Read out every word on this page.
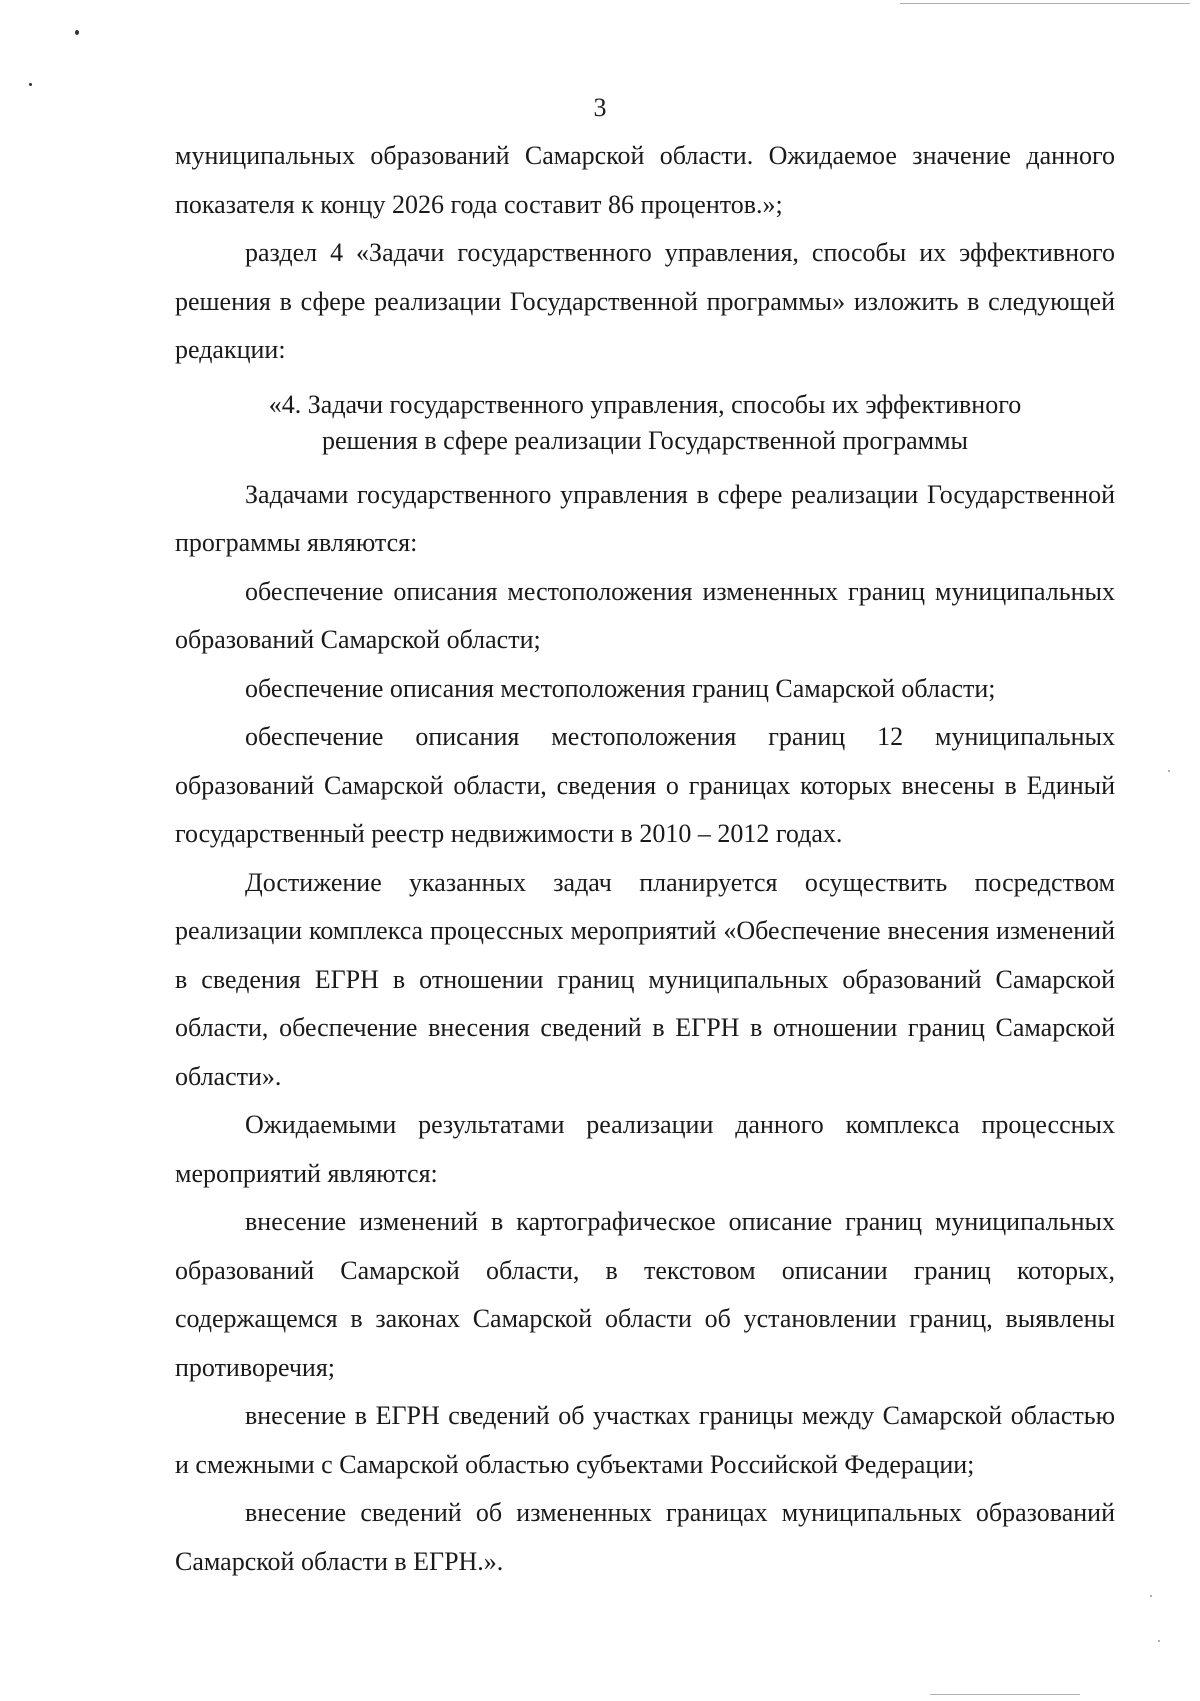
3

муниципальных образований Самарской области. Ожидаемое значение данного показателя к концу 2026 года составит 86 процентов.»;

раздел 4 «Задачи государственного управления, способы их эффективного решения в сфере реализации Государственной программы» изложить в следующей редакции:

«4. Задачи государственного управления, способы их эффективного
решения в сфере реализации Государственной программы

Задачами государственного управления в сфере реализации Государственной программы являются:

обеспечение описания местоположения измененных границ муниципальных образований Самарской области;

обеспечение описания местоположения границ Самарской области;

обеспечение описания местоположения границ 12 муниципальных образований Самарской области, сведения о границах которых внесены в Единый государственный реестр недвижимости в 2010 – 2012 годах.

Достижение указанных задач планируется осуществить посредством реализации комплекса процессных мероприятий «Обеспечение внесения изменений в сведения ЕГРН в отношении границ муниципальных образований Самарской области, обеспечение внесения сведений в ЕГРН в отношении границ Самарской области».

Ожидаемыми результатами реализации данного комплекса процессных мероприятий являются:

внесение изменений в картографическое описание границ муниципальных образований Самарской области, в текстовом описании границ которых, содержащемся в законах Самарской области об установлении границ, выявлены противоречия;

внесение в ЕГРН сведений об участках границы между Самарской областью и смежными с Самарской областью субъектами Российской Федерации;

внесение сведений об измененных границах муниципальных образований Самарской области в ЕГРН.».
